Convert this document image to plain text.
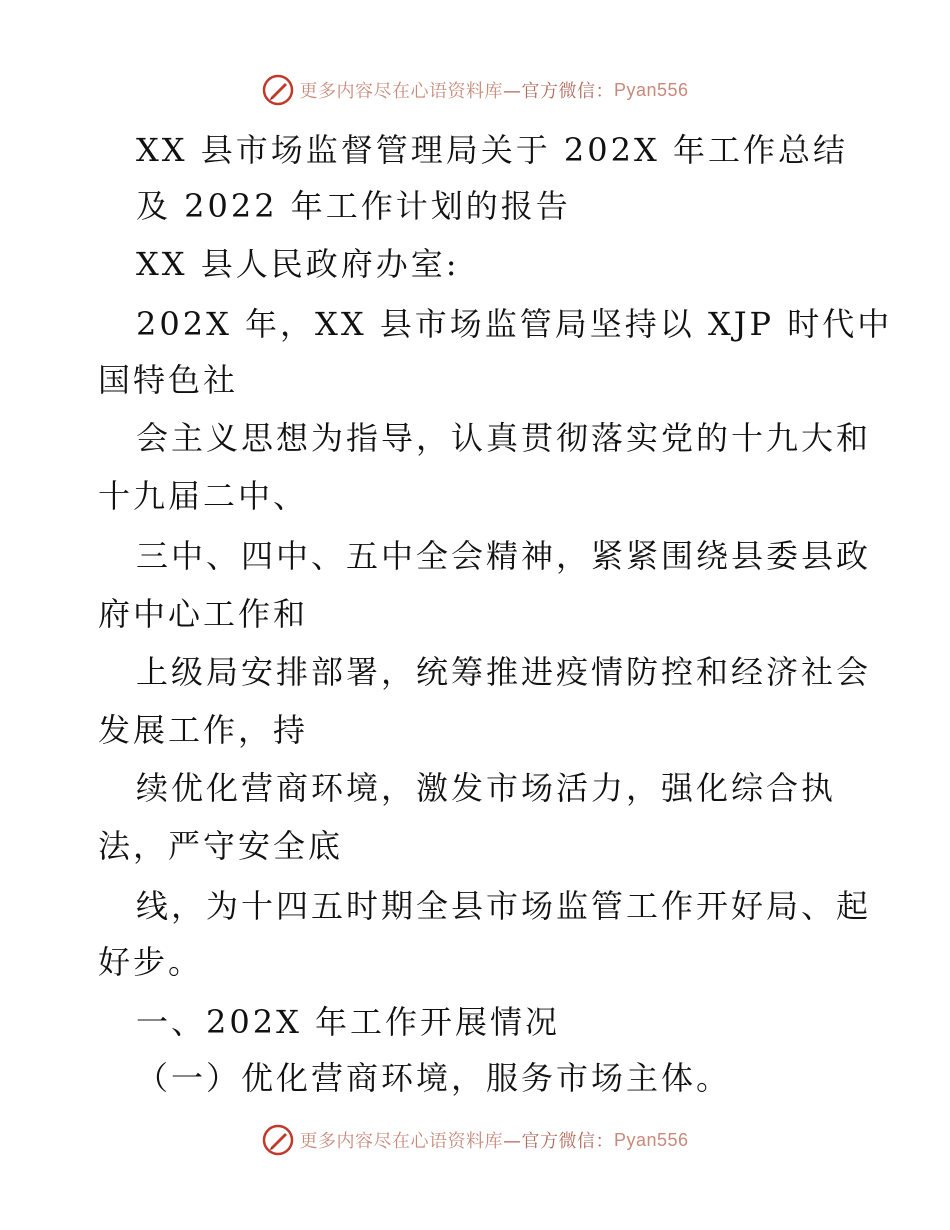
更多内容尽在心语资料库 —官方微信： Pyan556
XX 县市场监督管理局关于 202X 年工作总结
及 2022 年工作计划的报告
XX 县人民政府办室:
202X 年，XX 县市场监管局坚持以 XJP 时代中
国特色社
会主义思想为指导，认真贯彻落实党的十九大和
十九届二中、
三中、四中、五中全会精神，紧紧围绕县委县政
府中心工作和
上级局安排部署，统筹推进疫情防控和经济社会
发展工作，持
续优化营商环境，激发市场活力，强化综合执
法，严守安全底
线，为十四五时期全县市场监管工作开好局、起
好步。
一、202X 年工作开展情况
（一）优化营商环境，服务市场主体。
更多内容尽在心语资料库 —官方微信： Pyan556
